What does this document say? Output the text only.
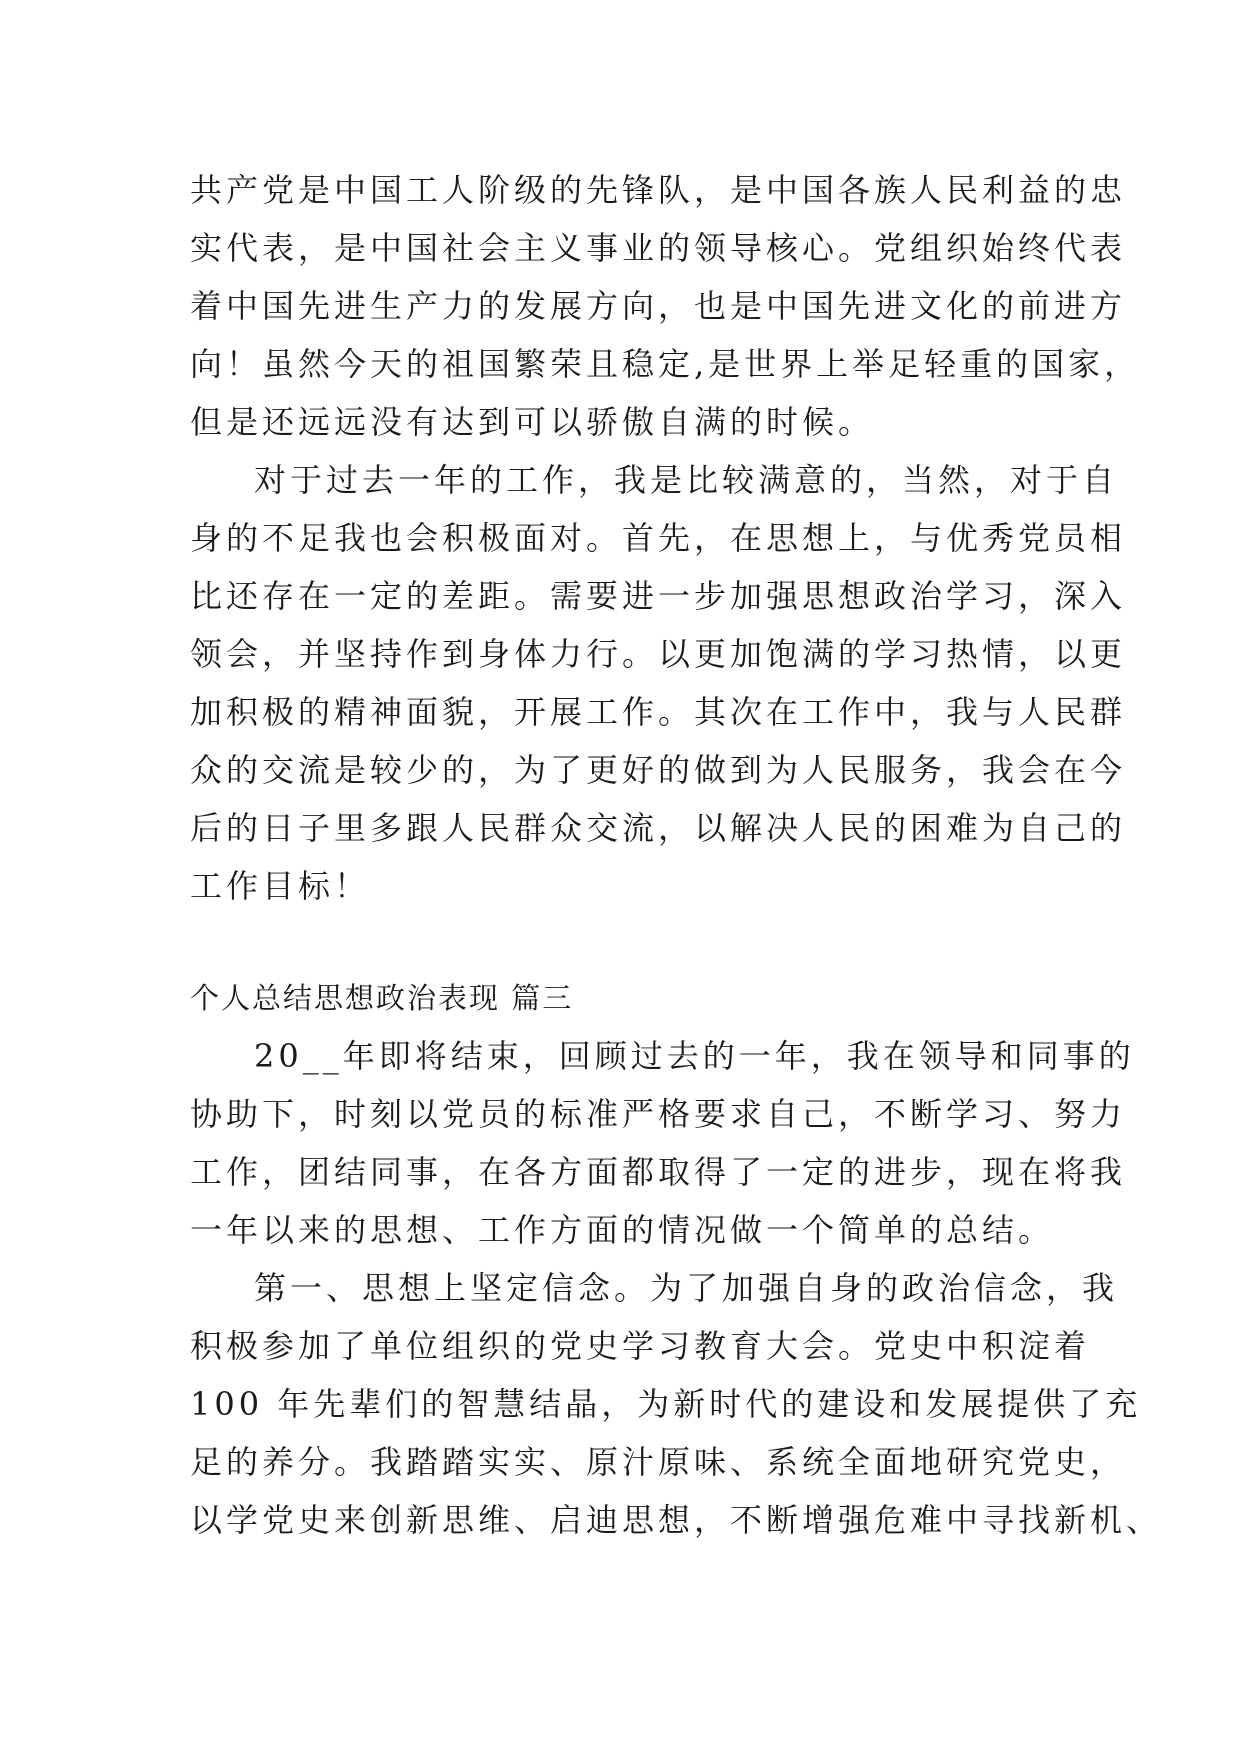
共产党是中国工人阶级的先锋队，是中国各族人民利益的忠
实代表，是中国社会主义事业的领导核心。党组织始终代表
着中国先进生产力的发展方向，也是中国先进文化的前进方
向！虽然今天的祖国繁荣且稳定,是世界上举足轻重的国家，
但是还远远没有达到可以骄傲自满的时候。
对于过去一年的工作，我是比较满意的，当然，对于自
身的不足我也会积极面对。首先，在思想上，与优秀党员相
比还存在一定的差距。需要进一步加强思想政治学习，深入
领会，并坚持作到身体力行。以更加饱满的学习热情，以更
加积极的精神面貌，开展工作。其次在工作中，我与人民群
众的交流是较少的，为了更好的做到为人民服务，我会在今
后的日子里多跟人民群众交流，以解决人民的困难为自己的
工作目标！
个人总结思想政治表现 篇三
20__年即将结束，回顾过去的一年，我在领导和同事的
协助下，时刻以党员的标准严格要求自己，不断学习、努力
工作，团结同事，在各方面都取得了一定的进步，现在将我
一年以来的思想、工作方面的情况做一个简单的总结。
第一、思想上坚定信念。为了加强自身的政治信念，我
积极参加了单位组织的党史学习教育大会。党史中积淀着
100 年先辈们的智慧结晶，为新时代的建设和发展提供了充
足的养分。我踏踏实实、原汁原味、系统全面地研究党史，
以学党史来创新思维、启迪思想，不断增强危难中寻找新机、
